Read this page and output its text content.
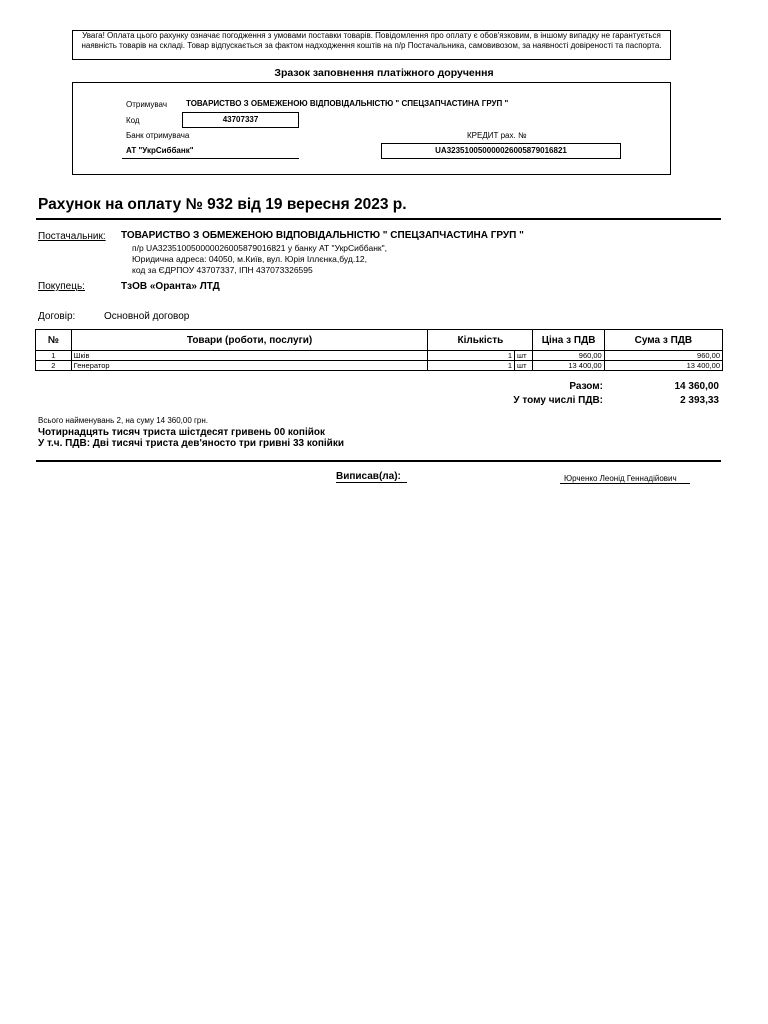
Увага! Оплата цього рахунку означає погодження з умовами поставки товарів. Повідомлення про оплату є обов'язковим, в іншому випадку не гарантується наявність товарів на складі. Товар відпускається за фактом надходження коштів на п/р Постачальника, самовивозом, за наявності довіреності та паспорта.
Зразок заповнення платіжного доручення
Отримувач ТОВАРИСТВО З ОБМЕЖЕНОЮ ВІДПОВІДАЛЬНІСТЮ " СПЕЦЗАПЧАСТИНА ГРУП "
Код	43707337
Банк отримувача
АТ "УкрСиббанк"
КРЕДИТ рах. №
UA323510050000026005879016821
Рахунок на оплату № 932 від 19 вересня 2023 р.
Постачальник: ТОВАРИСТВО З ОБМЕЖЕНОЮ ВІДПОВІДАЛЬНІСТЮ " СПЕЦЗАПЧАСТИНА ГРУП "
п/р UA323510050000026005879016821 у банку АТ "УкрСиббанк",
Юридична адреса: 04050, м.Київ, вул. Юрія Іллєнка,буд.12,
код за ЄДРПОУ 43707337, ІПН 437073326595
Покупець:	ТзОВ «Оранта» ЛТД
Договір:	Основной договор
№	Товари (роботи, послуги)	Кількість		Ціна з ПДВ	Сума з ПДВ
1	Шків	1	шт	960,00	960,00
2	Генератор	1	шт	13 400,00	13 400,00
Разом:	14 360,00
У тому числі ПДВ:	2 393,33
Всього найменувань 2, на суму 14 360,00 грн.
Чотирнадцять тисяч триста шістдесят гривень 00 копійок
У т.ч. ПДВ: Дві тисячі триста дев'яносто три гривні 33 копійки
Виписав(ла):	Юрченко Леонід Геннадійович
